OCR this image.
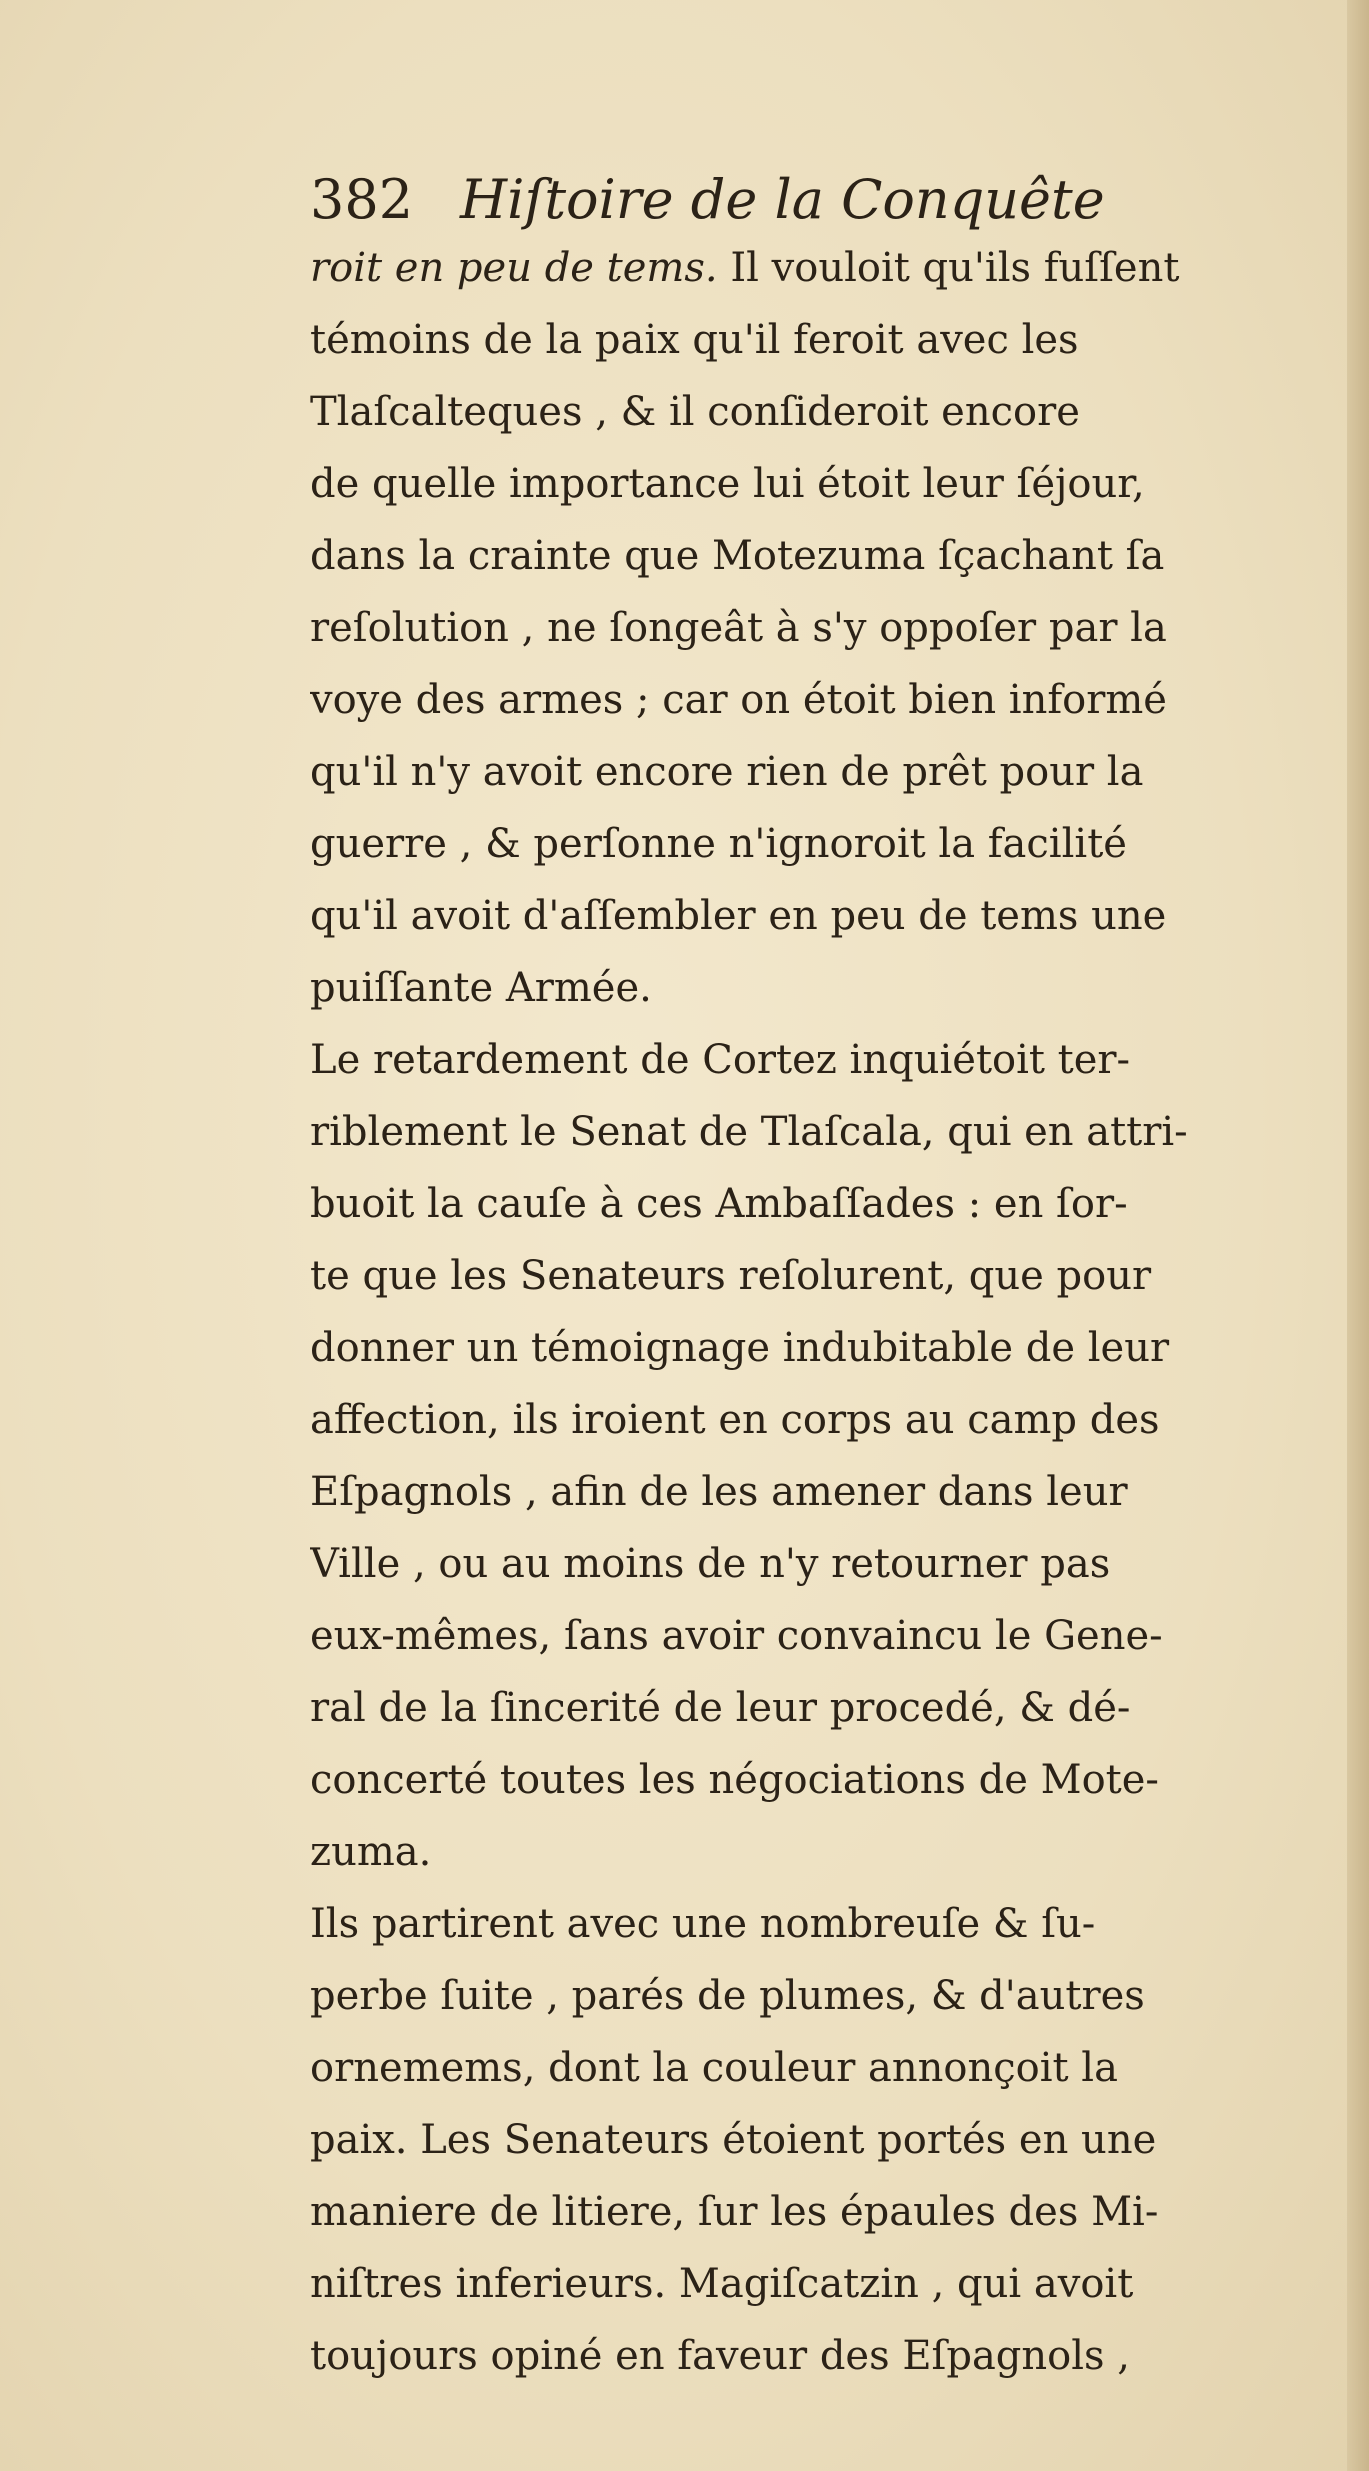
382 Hiſtoire de la Conquête
roit en peu de tems. Il vouloit qu'ils fuſſent
témoins de la paix qu'il feroit avec les
Tlaſcalteques , & il conſideroit encore
de quelle importance lui étoit leur ſéjour,
dans la crainte que Motezuma ſçachant ſa
reſolution , ne ſongeât à s'y oppoſer par la
voye des armes ; car on étoit bien informé
qu'il n'y avoit encore rien de prêt pour la
guerre , & perſonne n'ignoroit la facilité
qu'il avoit d'aſſembler en peu de tems une
puiſſante Armée.
Le retardement de Cortez inquiétoit ter-
riblement le Senat de Tlaſcala, qui en attri-
buoit la cauſe à ces Ambaſſades : en ſor-
te que les Senateurs reſolurent, que pour
donner un témoignage indubitable de leur
affection, ils iroient en corps au camp des
Eſpagnols , afin de les amener dans leur
Ville , ou au moins de n'y retourner pas
eux-mêmes, ſans avoir convaincu le Gene-
ral de la ſincerité de leur procedé, & dé-
concerté toutes les négociations de Mote-
zuma.
Ils partirent avec une nombreuſe & ſu-
perbe ſuite , parés de plumes, & d'autres
ornemems, dont la couleur annonçoit la
paix. Les Senateurs étoient portés en une
maniere de litiere, ſur les épaules des Mi-
niſtres inferieurs. Magiſcatzin , qui avoit
toujours opiné en faveur des Eſpagnols ,
